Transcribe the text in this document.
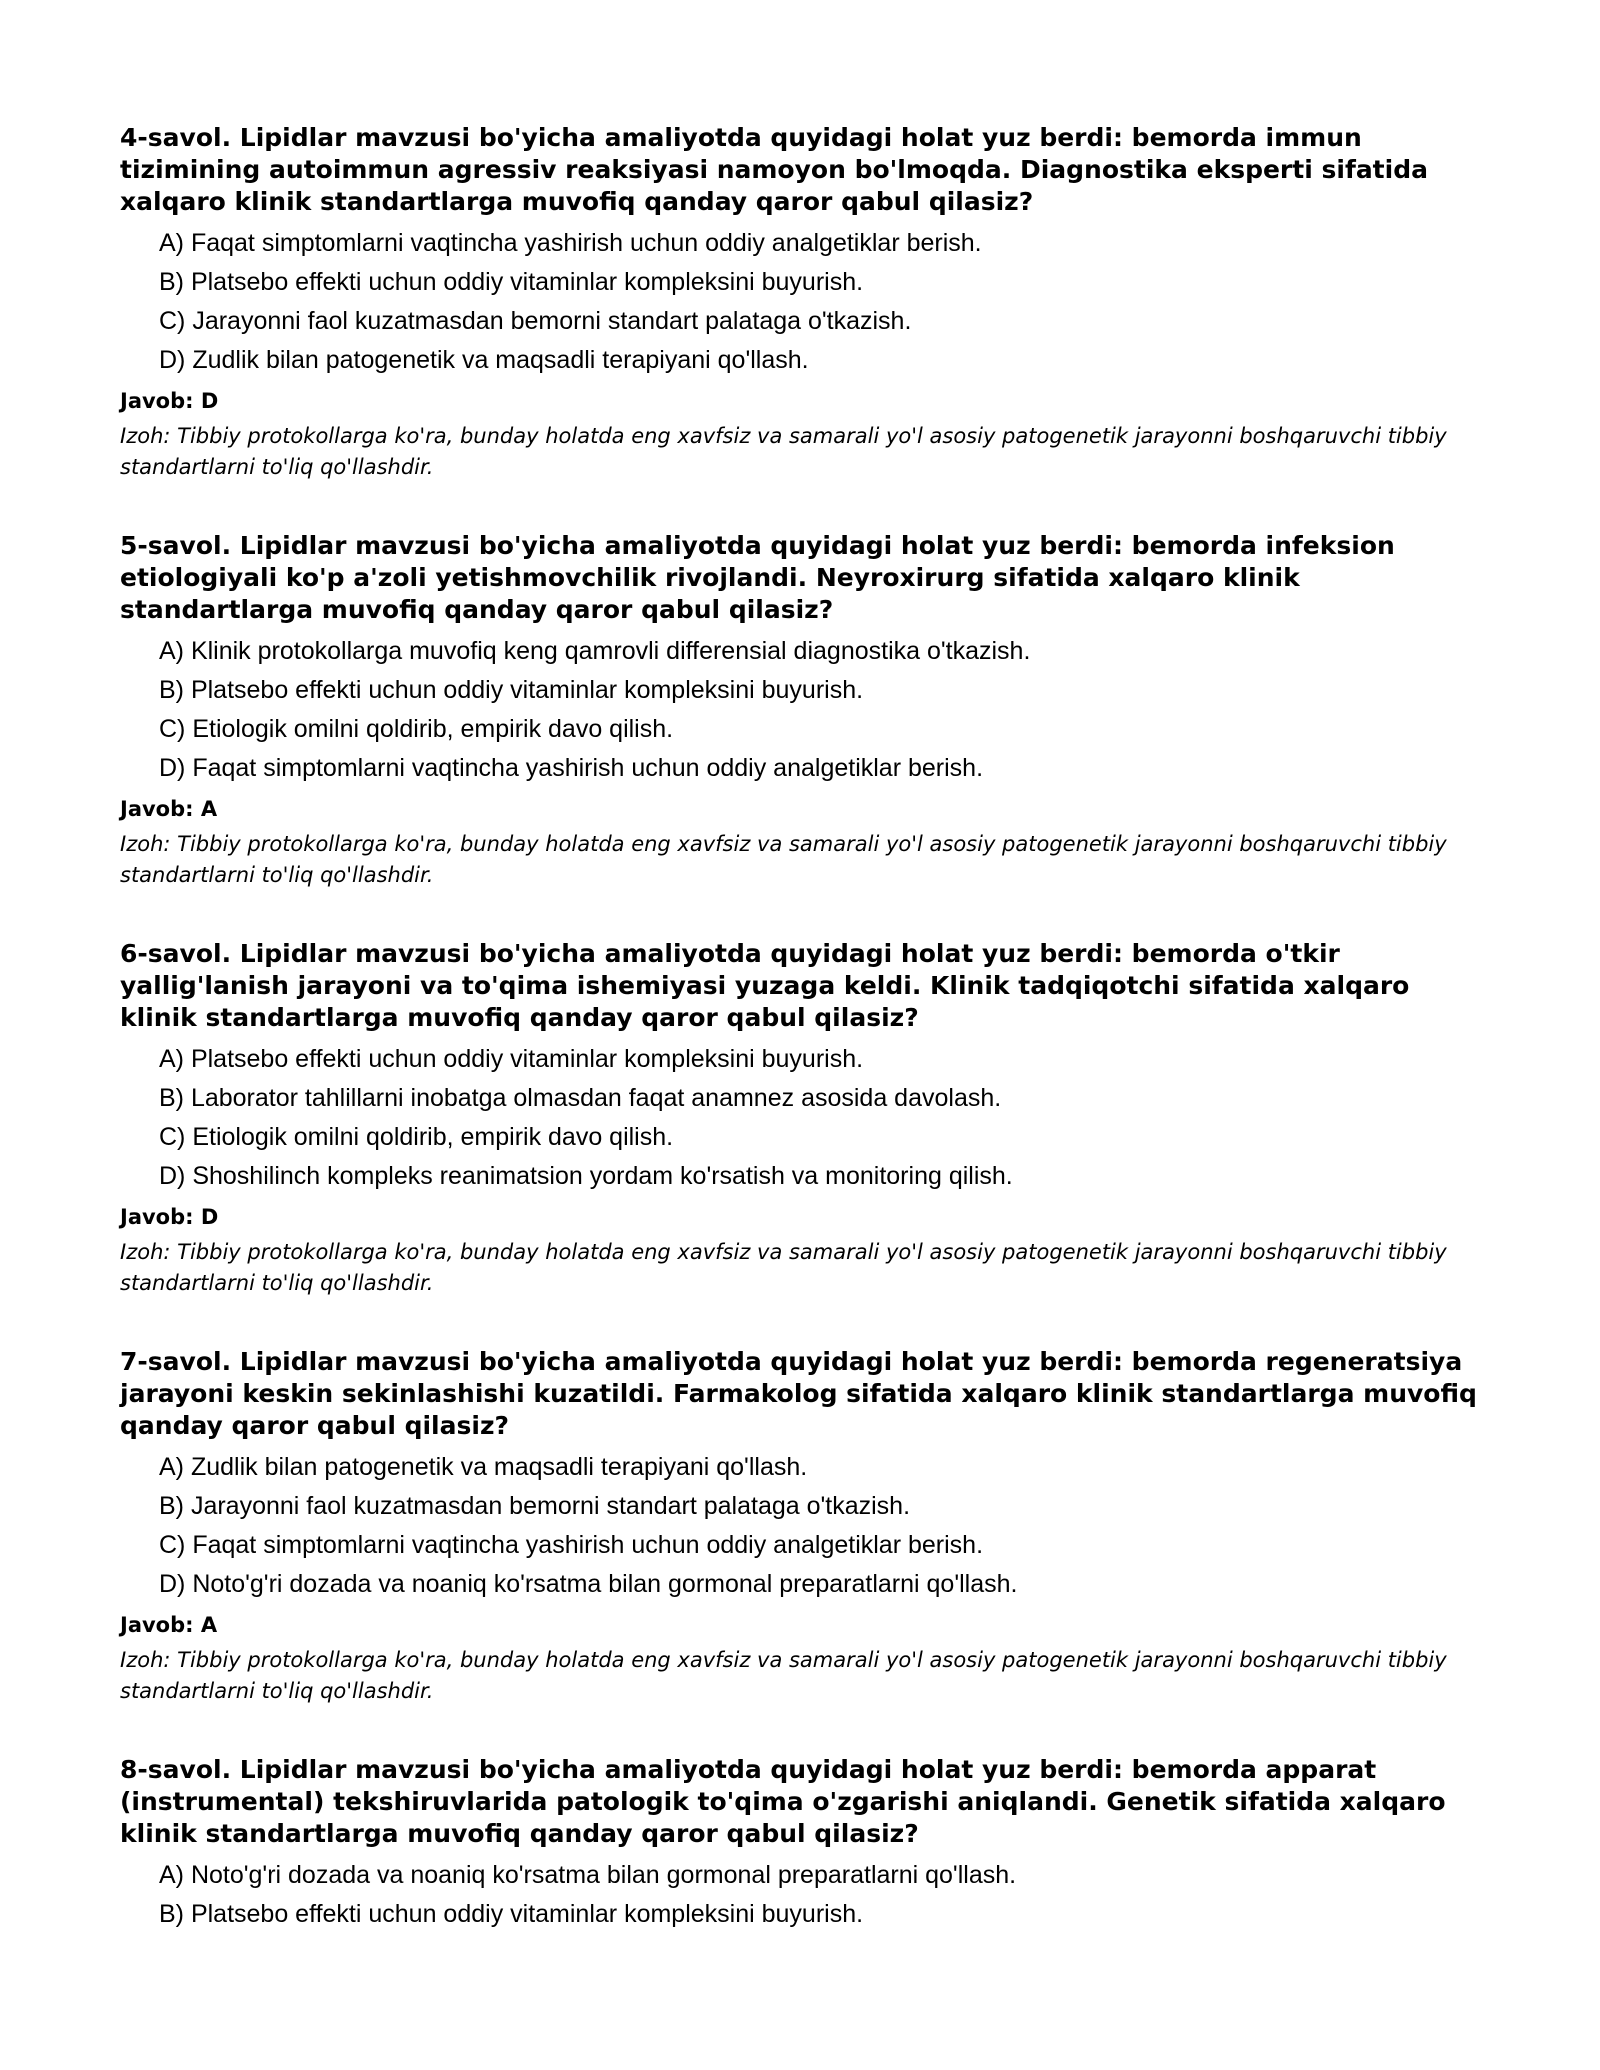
4-savol. Lipidlar mavzusi bo'yicha amaliyotda quyidagi holat yuz berdi: bemorda immun tizimining autoimmun agressiv reaksiyasi namoyon bo'lmoqda. Diagnostika eksperti sifatida xalqaro klinik standartlarga muvofiq qanday qaror qabul qilasiz?
A) Faqat simptomlarni vaqtincha yashirish uchun oddiy analgetiklar berish.
B) Platsebo effekti uchun oddiy vitaminlar kompleksini buyurish.
C) Jarayonni faol kuzatmasdan bemorni standart palataga o'tkazish.
D) Zudlik bilan patogenetik va maqsadli terapiyani qo'llash.
Javob: D
Izoh: Tibbiy protokollarga ko'ra, bunday holatda eng xavfsiz va samarali yo'l asosiy patogenetik jarayonni boshqaruvchi tibbiy standartlarni to'liq qo'llashdir.
5-savol. Lipidlar mavzusi bo'yicha amaliyotda quyidagi holat yuz berdi: bemorda infeksion etiologiyali ko'p a'zoli yetishmovchilik rivojlandi. Neyroxirurg sifatida xalqaro klinik standartlarga muvofiq qanday qaror qabul qilasiz?
A) Klinik protokollarga muvofiq keng qamrovli differensial diagnostika o'tkazish.
B) Platsebo effekti uchun oddiy vitaminlar kompleksini buyurish.
C) Etiologik omilni qoldirib, empirik davo qilish.
D) Faqat simptomlarni vaqtincha yashirish uchun oddiy analgetiklar berish.
Javob: A
Izoh: Tibbiy protokollarga ko'ra, bunday holatda eng xavfsiz va samarali yo'l asosiy patogenetik jarayonni boshqaruvchi tibbiy standartlarni to'liq qo'llashdir.
6-savol. Lipidlar mavzusi bo'yicha amaliyotda quyidagi holat yuz berdi: bemorda o'tkir yallig'lanish jarayoni va to'qima ishemiyasi yuzaga keldi. Klinik tadqiqotchi sifatida xalqaro klinik standartlarga muvofiq qanday qaror qabul qilasiz?
A) Platsebo effekti uchun oddiy vitaminlar kompleksini buyurish.
B) Laborator tahlillarni inobatga olmasdan faqat anamnez asosida davolash.
C) Etiologik omilni qoldirib, empirik davo qilish.
D) Shoshilinch kompleks reanimatsion yordam ko'rsatish va monitoring qilish.
Javob: D
Izoh: Tibbiy protokollarga ko'ra, bunday holatda eng xavfsiz va samarali yo'l asosiy patogenetik jarayonni boshqaruvchi tibbiy standartlarni to'liq qo'llashdir.
7-savol. Lipidlar mavzusi bo'yicha amaliyotda quyidagi holat yuz berdi: bemorda regeneratsiya jarayoni keskin sekinlashishi kuzatildi. Farmakolog sifatida xalqaro klinik standartlarga muvofiq qanday qaror qabul qilasiz?
A) Zudlik bilan patogenetik va maqsadli terapiyani qo'llash.
B) Jarayonni faol kuzatmasdan bemorni standart palataga o'tkazish.
C) Faqat simptomlarni vaqtincha yashirish uchun oddiy analgetiklar berish.
D) Noto'g'ri dozada va noaniq ko'rsatma bilan gormonal preparatlarni qo'llash.
Javob: A
Izoh: Tibbiy protokollarga ko'ra, bunday holatda eng xavfsiz va samarali yo'l asosiy patogenetik jarayonni boshqaruvchi tibbiy standartlarni to'liq qo'llashdir.
8-savol. Lipidlar mavzusi bo'yicha amaliyotda quyidagi holat yuz berdi: bemorda apparat (instrumental) tekshiruvlarida patologik to'qima o'zgarishi aniqlandi. Genetik sifatida xalqaro klinik standartlarga muvofiq qanday qaror qabul qilasiz?
A) Noto'g'ri dozada va noaniq ko'rsatma bilan gormonal preparatlarni qo'llash.
B) Platsebo effekti uchun oddiy vitaminlar kompleksini buyurish.
